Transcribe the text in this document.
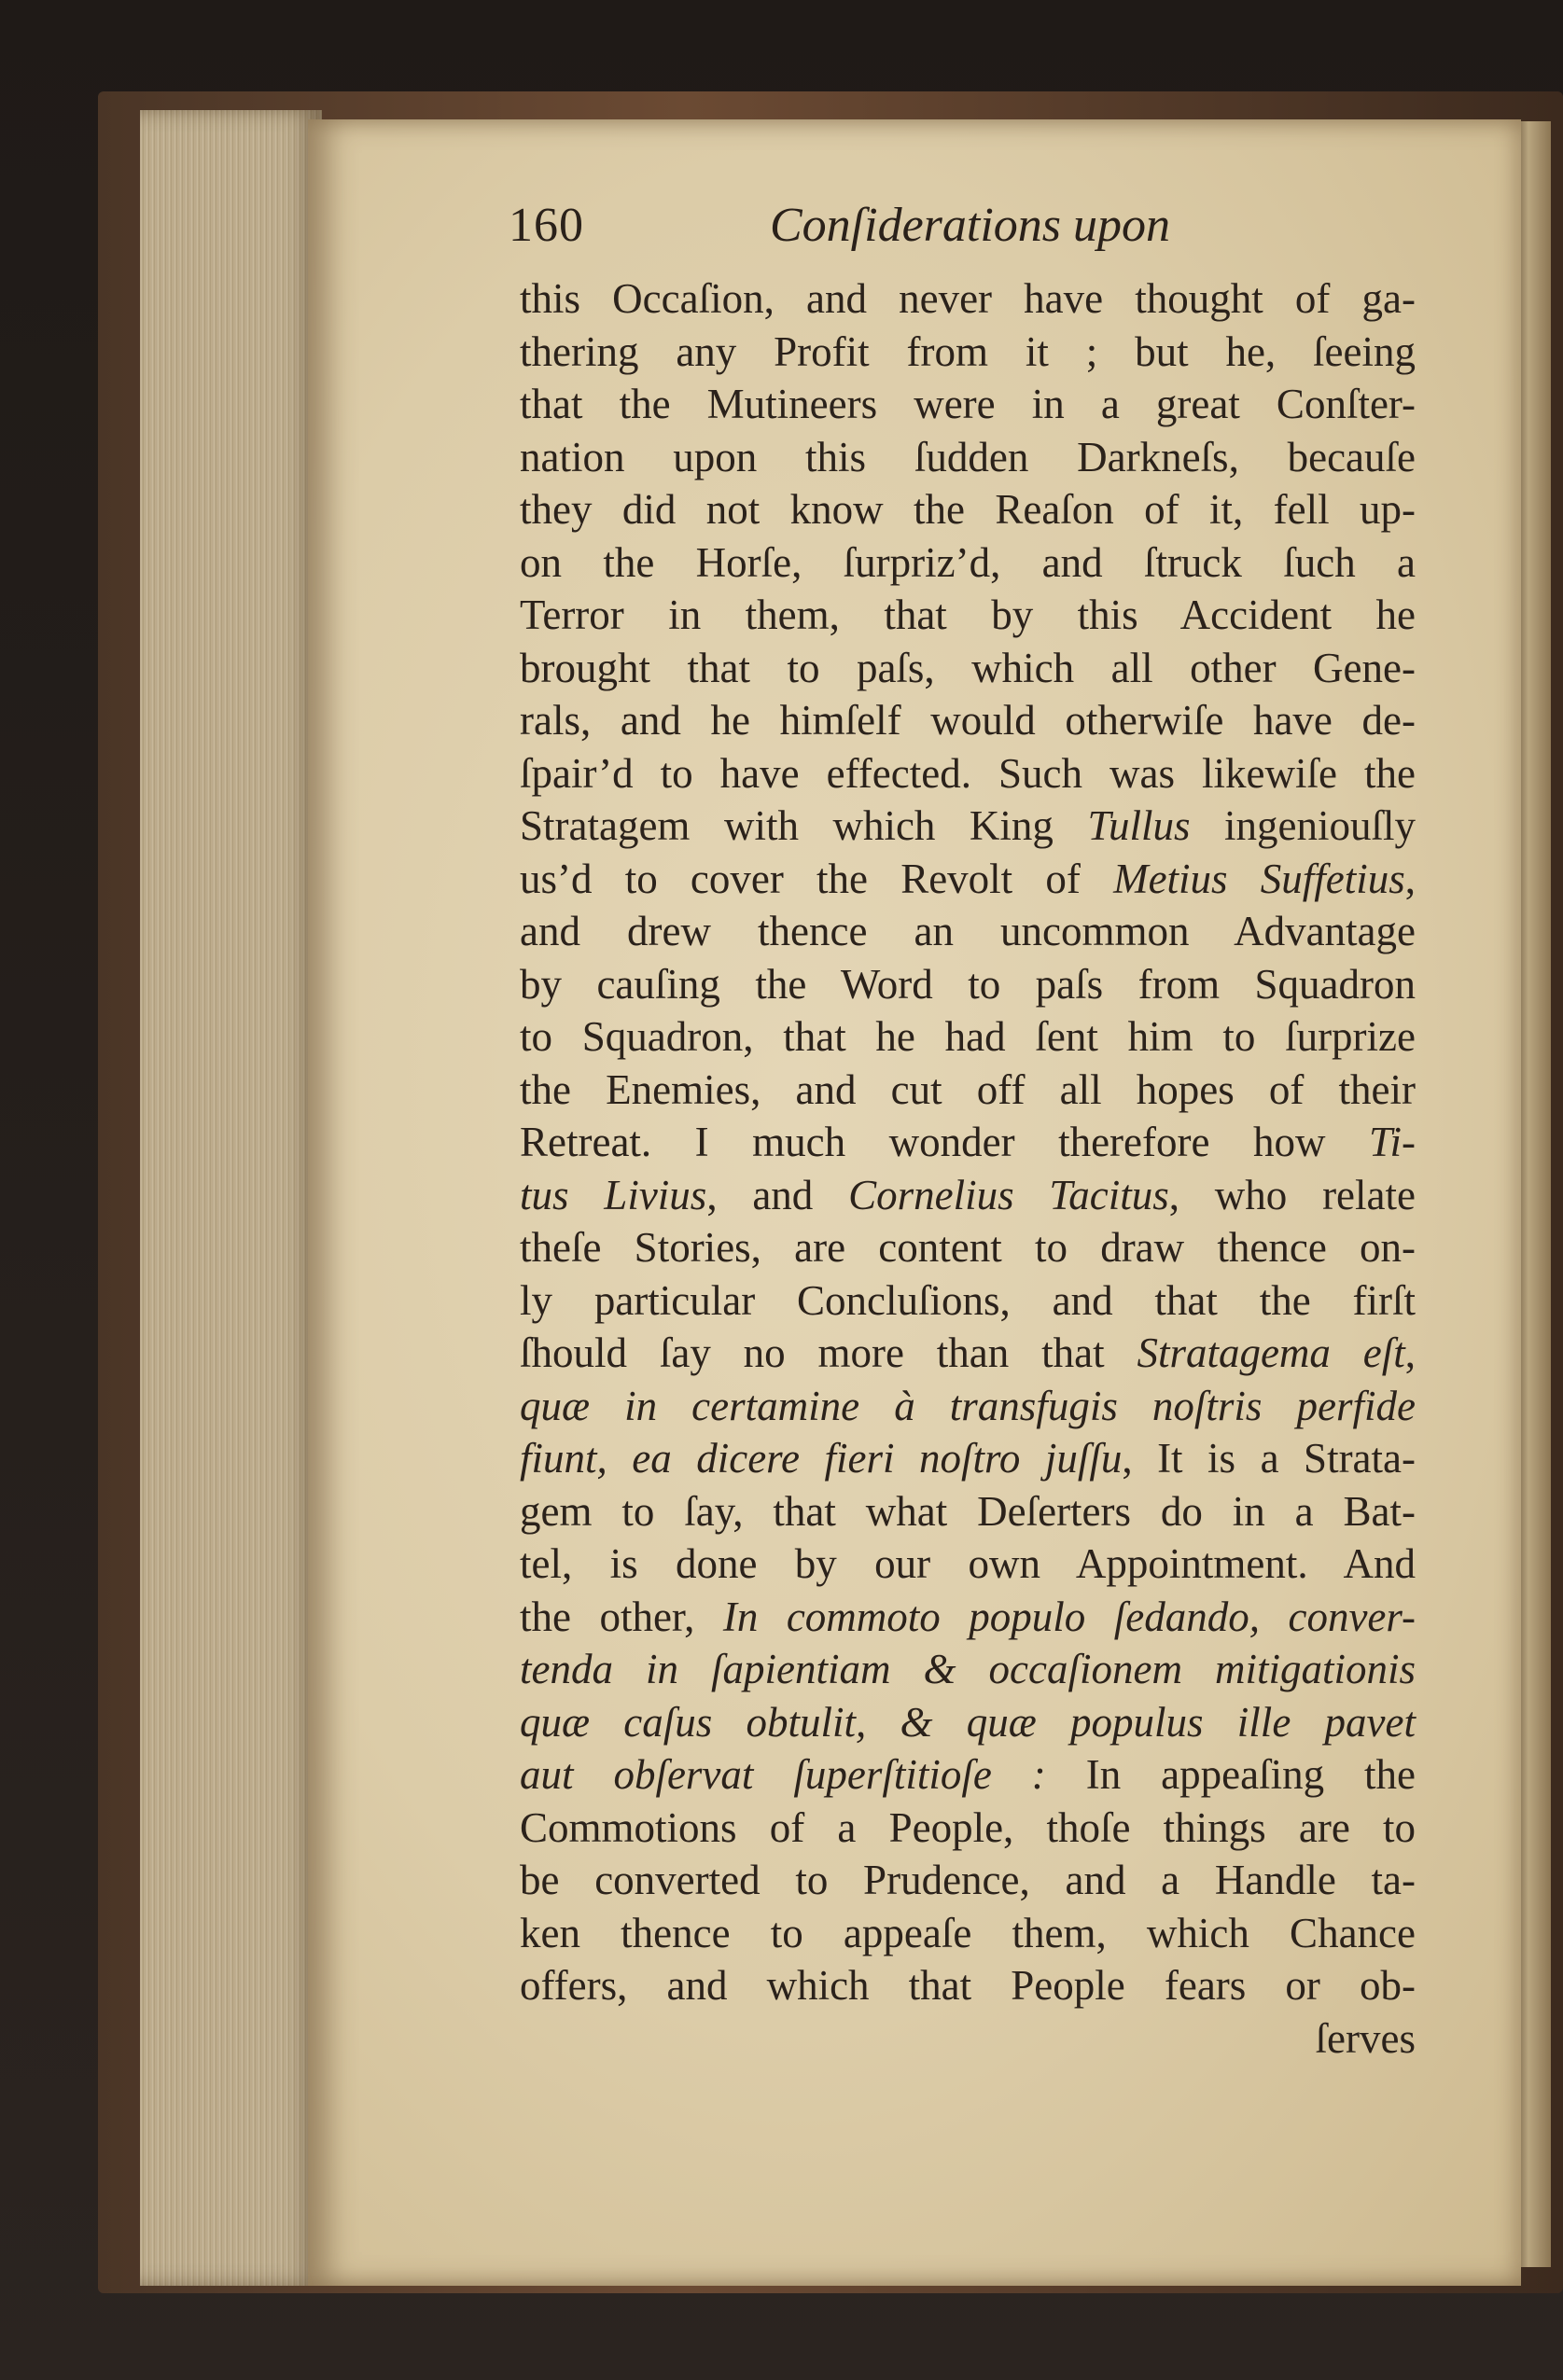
160	Conſiderations upon
this Occaſion, and never have thought of ga-
thering any Profit from it ; but he, ſeeing
that the Mutineers were in a great Conſter-
nation upon this ſudden Darkneſs, becauſe
they did not know the Reaſon of it, fell up-
on the Horſe, ſurpriz’d, and ſtruck ſuch a
Terror in them, that by this Accident he
brought that to paſs, which all other Gene-
rals, and he himſelf would otherwiſe have de-
ſpair’d to have effected. Such was likewiſe the
Stratagem with which King Tullus ingeniouſly
us’d to cover the Revolt of Metius Suffetius,
and drew thence an uncommon Advantage
by cauſing the Word to paſs from Squadron
to Squadron, that he had ſent him to ſurprize
the Enemies, and cut off all hopes of their
Retreat. I much wonder therefore how Ti-
tus Livius, and Cornelius Tacitus, who relate
theſe Stories, are content to draw thence on-
ly particular Concluſions, and that the firſt
ſhould ſay no more than that Stratagema eſt,
quæ in certamine à transfugis noſtris perfide
fiunt, ea dicere fieri noſtro juſſu, It is a Strata-
gem to ſay, that what Deſerters do in a Bat-
tel, is done by our own Appointment. And
the other, In commoto populo ſedando, conver-
tenda in ſapientiam & occaſionem mitigationis
quæ caſus obtulit, & quæ populus ille pavet
aut obſervat ſuperſtitioſe : In appeaſing the
Commotions of a People, thoſe things are to
be converted to Prudence, and a Handle ta-
ken thence to appeaſe them, which Chance
offers, and which that People fears or ob-
ſerves
